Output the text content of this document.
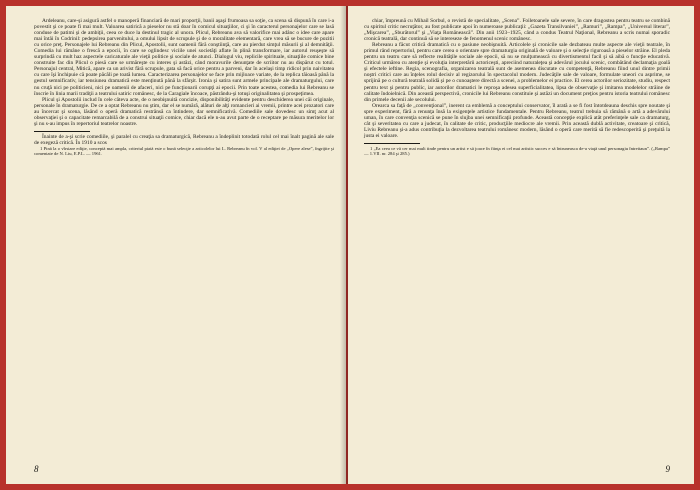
Ardeleanu, care-şi asigură astfel o manoperă financiară de mari proporţii, banii aşaşi frumoasa sa soţie, ca scena să dispună în care i-a povestit şi ce poate fi mai mult. Valoarea satirică a pieselor nu stă doar în comicul situaţiilor, ci şi în caracterul personajelor care se lasă conduse de patimi şi de ambiţii, ceea ce duce la destinul tragic al unora. Plicul, Rebreanu ava să valorifice mai adânc o idee care apare mai întâi în Codrinil: pedepsirea parvenitului, a omului lipsit de scrupule şi de o moralitate elementară, care vrea să se bucure de pozitii cu orice preţ. Personajele lui Rebreanu din Plicul, Apostolii, sunt oamenii fără conştiinţă, care au pierdut simţul măsurii şi al demnităţii. Comedia lui rămâne o frescă a epocii, în care se oglindesc viciile unei societăţi aflate în plină transformare, iar autorul reuşeşte să surprindă cu mult haz aspectele caricaturale ale vieţii politice şi sociale de atunci. Dialogul viu, replicile spirituale, situaţiile comice bine construite fac din Plicul o piesă care se urmăreşte cu interes şi astăzi, când moravurile denunţate de scriitor nu au dispărut cu totul. Personajul central, Mitică, apare ca un arivist fără scrupule, gata să facă orice pentru a parveni, dar în acelaşi timp ridicol prin naivitatea cu care îşi închipuie că poate păcăli pe toată lumea. Caracterizarea personajelor se face prin mijloace variate, de la replica tăioasă până la gestul semnificativ, iar tensiunea dramatică este menţinută până la sfârşit. Ironia şi satira sunt armele principale ale dramaturgului, care nu cruţă nici pe politicieni, nici pe oamenii de afaceri, nici pe funcţionarii corupţi ai epocii. Prin toate acestea, comedia lui Rebreanu se înscrie în linia marii tradiţii a teatrului satiric românesc, de la Caragiale încoace, păstrându-şi totuşi originalitatea şi prospeţimea.

Plicul şi Apostolii includ în cele câteva acte, de o neobişnuită concizie, disponibilităţi evidente pentru deschiderea unei căi originale, personale în dramaturgie. De ce a optat Rebreanu nu ştim, dar el se numără, alături de alţi romancieri ai vremii, printre acei prozatori care au încercat şi scena, lăsând o operă dramatică restrânsă ca întindere, dar semnificativă. Comediile sale dovedesc un simţ acut al observaţiei şi o capacitate remarcabilă de a construi situaţii comice, chiar dacă ele n-au avut parte de o receptare pe măsura meritelor lor şi nu s-au impus în repertoriul teatrelor noastre.

Înainte de a-şi scrie comediile, şi paralel cu creaţia sa dramaturgică, Rebreanu a îndeplinit totodată rolul cel mai înalt pagină ale sale de exegeză critică. În 1910 a scos

1 Pină la o vîrstare ediţie, conceptă mai ampla, criteriul piată este o bună selecţie a articolelor lui L. Rebreanu în vol. V al ediţiei de „Opere alese”, îngrijite şi comentate de N. Liu, E.P.L. — 1961.

8

chiar, împreună cu Mihail Sorbul, o revistă de specialitate, „Scena”. Foiletoanele sale severe, în care dragostea pentru teatru se combină cu spiritul critic necruţător, au fost publicate apoi în numeroase publicaţii: „Gazeta Transilvaniei”, „Ramuri”, „Rampa”, „Universul literar”, „Mişcarea”, „Sburătorul” şi „Viaţa Românească”. Din anii 1923–1925, când a condus Teatrul Naţional, Rebreanu a scris numai sporadic cronică teatrală, dar continuă să se intereseze de fenomenul scenic românesc.

Rebreanu a făcut critică dramatică cu o pasiune neobişnuită. Articolele şi cronicile sale dezbateau multe aspecte ale vieţii teatrale, în primul rând repertoriul, pentru care cerea o orientare spre dramaturgia originală de valoare şi o selecţie riguroasă a pieselor străine. El pleda pentru un teatru care să reflecte realităţile sociale ale epocii, să nu se mulţumească cu divertismentul facil şi să aibă o funcţie educativă. Criticul urmărea cu atenţie şi evoluţia interpretării actoriceşti, apreciind naturaleţea şi adevărul jocului scenic, combătând declamaţia goală şi efectele ieftine. Regia, scenografia, organizarea teatrală sunt de asemenea discutate cu competenţă, Rebreanu fiind unul dintre primii noştri critici care au înţeles rolul decisiv al regizorului în spectacolul modern. Judecăţile sale de valoare, formulate uneori cu asprime, se sprijină pe o cultură teatrală solidă şi pe o cunoaştere directă a scenei, a problemelor ei practice. El cerea actorilor seriozitate, studiu, respect pentru text şi pentru public, iar autorilor dramatici le reproşa adesea superficialitatea, lipsa de observaţie şi imitarea modelelor străine de calitate îndoielnică. Din această perspectivă, cronicile lui Rebreanu constituie şi astăzi un document preţios pentru istoria teatrului românesc din primele decenii ale secolului.

Orearca sa faţă de „convenţional”, inerent ca emblemă a conceptului conservator, îl arată a se fi fost întotdeauna deschis spre noutate şi spre experiment, fără a renunţa însă la exigenţele artistice fundamentale. Pentru Rebreanu, teatrul trebuia să rămână o artă a adevărului uman, în care convenţia scenică se pune în slujba unei semnificaţii profunde. Această concepţie explică atât preferinţele sale ca dramaturg, cât şi severitatea cu care a judecat, în calitate de critic, producţiile mediocre ale vremii. Prin această dublă activitate, creatoare şi critică, Liviu Rebreanu şi-a adus contribuţia la dezvoltarea teatrului românesc modern, lăsând o operă care merită să fie redescoperită şi preţuită la justa ei valoare.

1 „Ea ceea ce vă cer mai mult tinde pentru un artist e să joace în fiinţa ei cel mai artistic succes e să întruneasca de-a viaţă unul personagiu întreitaun”. („Rampa” — 1.VII. nr. 284 şi 285.)

9
